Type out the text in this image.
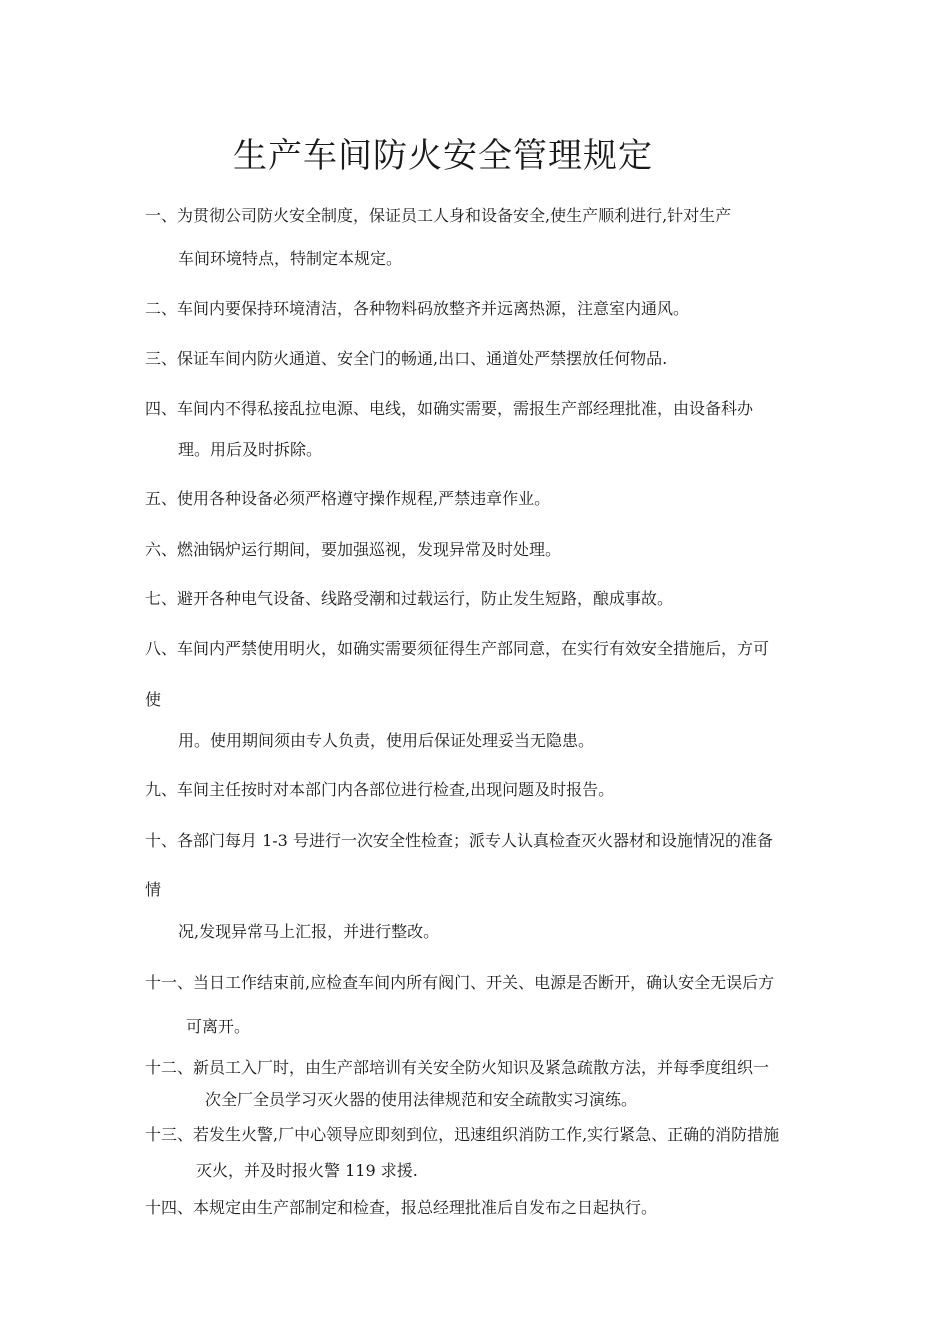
生产车间防火安全管理规定
一、为贯彻公司防火安全制度，保证员工人身和设备安全,使生产顺利进行,针对生产
车间环境特点，特制定本规定。
二、车间内要保持环境清洁，各种物料码放整齐并远离热源，注意室内通风。
三、保证车间内防火通道、安全门的畅通,出口、通道处严禁摆放任何物品.
四、车间内不得私接乱拉电源、电线，如确实需要，需报生产部经理批准，由设备科办
理。用后及时拆除。
五、使用各种设备必须严格遵守操作规程,严禁违章作业。
六、燃油锅炉运行期间，要加强巡视，发现异常及时处理。
七、避开各种电气设备、线路受潮和过载运行，防止发生短路，酿成事故。
八、车间内严禁使用明火，如确实需要须征得生产部同意，在实行有效安全措施后，方可
使
用。使用期间须由专人负责，使用后保证处理妥当无隐患。
九、车间主任按时对本部门内各部位进行检查,出现问题及时报告。
十、各部门每月 1-3 号进行一次安全性检查；派专人认真检查灭火器材和设施情况的准备
情
况,发现异常马上汇报，并进行整改。
十一、当日工作结束前,应检查车间内所有阀门、开关、电源是否断开，确认安全无误后方
可离开。
十二、新员工入厂时，由生产部培训有关安全防火知识及紧急疏散方法，并每季度组织一
次全厂全员学习灭火器的使用法律规范和安全疏散实习演练。
十三、若发生火警,厂中心领导应即刻到位，迅速组织消防工作,实行紧急、正确的消防措施
灭火，并及时报火警 119 求援.
十四、本规定由生产部制定和检查，报总经理批准后自发布之日起执行。
